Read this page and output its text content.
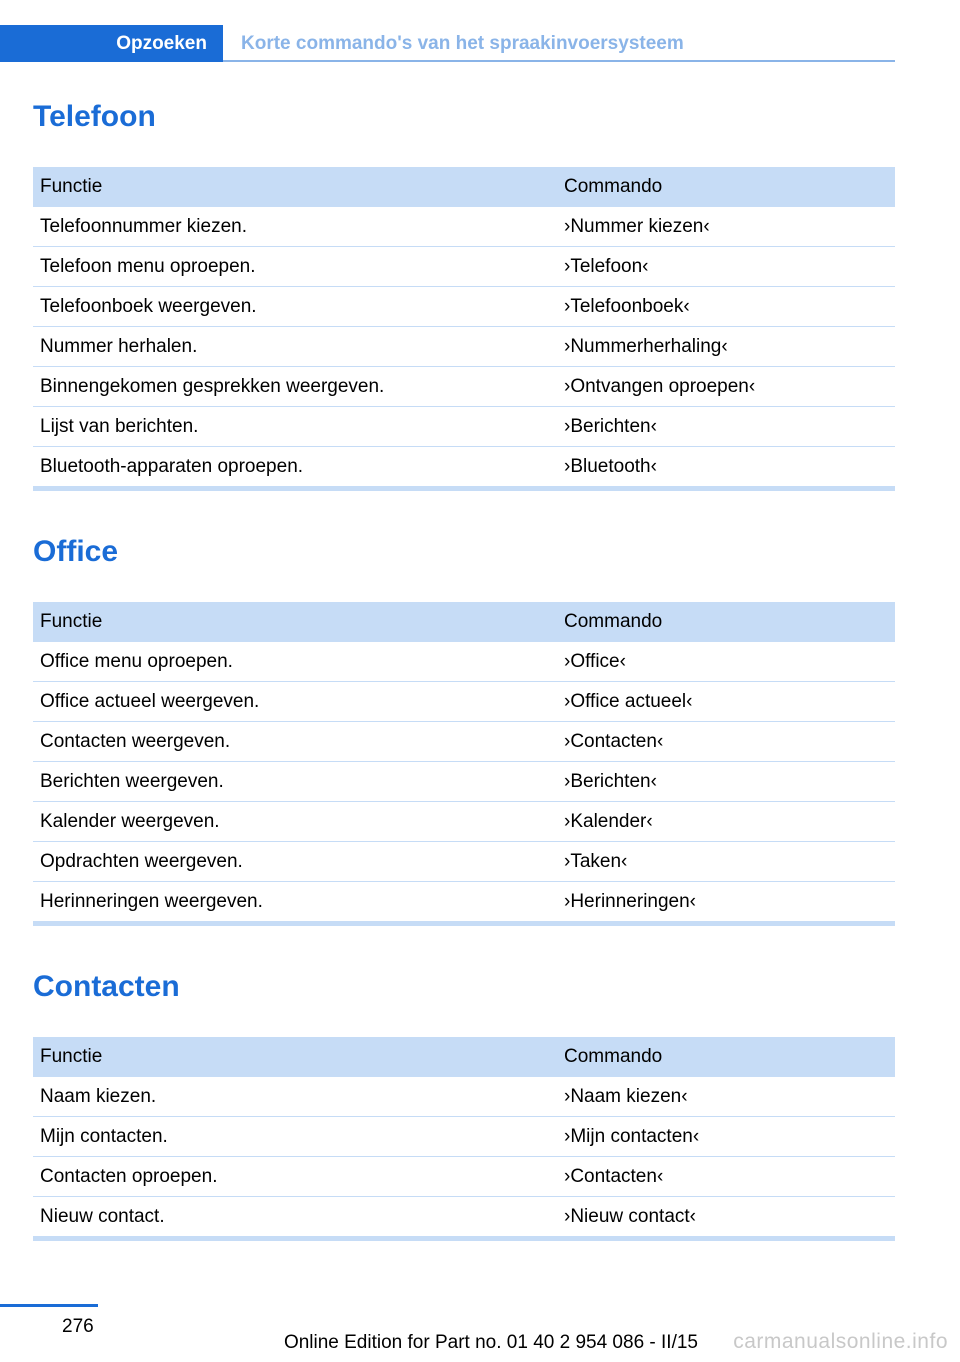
Opzoeken	Korte commando's van het spraakinvoersysteem
Telefoon
Functie	Commando
Telefoonnummer kiezen.	›Nummer kiezen‹
Telefoon menu oproepen.	›Telefoon‹
Telefoonboek weergeven.	›Telefoonboek‹
Nummer herhalen.	›Nummerherhaling‹
Binnengekomen gesprekken weergeven.	›Ontvangen oproepen‹
Lijst van berichten.	›Berichten‹
Bluetooth-apparaten oproepen.	›Bluetooth‹
Office
Functie	Commando
Office menu oproepen.	›Office‹
Office actueel weergeven.	›Office actueel‹
Contacten weergeven.	›Contacten‹
Berichten weergeven.	›Berichten‹
Kalender weergeven.	›Kalender‹
Opdrachten weergeven.	›Taken‹
Herinneringen weergeven.	›Herinneringen‹
Contacten
Functie	Commando
Naam kiezen.	›Naam kiezen‹
Mijn contacten.	›Mijn contacten‹
Contacten oproepen.	›Contacten‹
Nieuw contact.	›Nieuw contact‹
276
Online Edition for Part no. 01 40 2 954 086 - II/15 carmanualsonline.info
